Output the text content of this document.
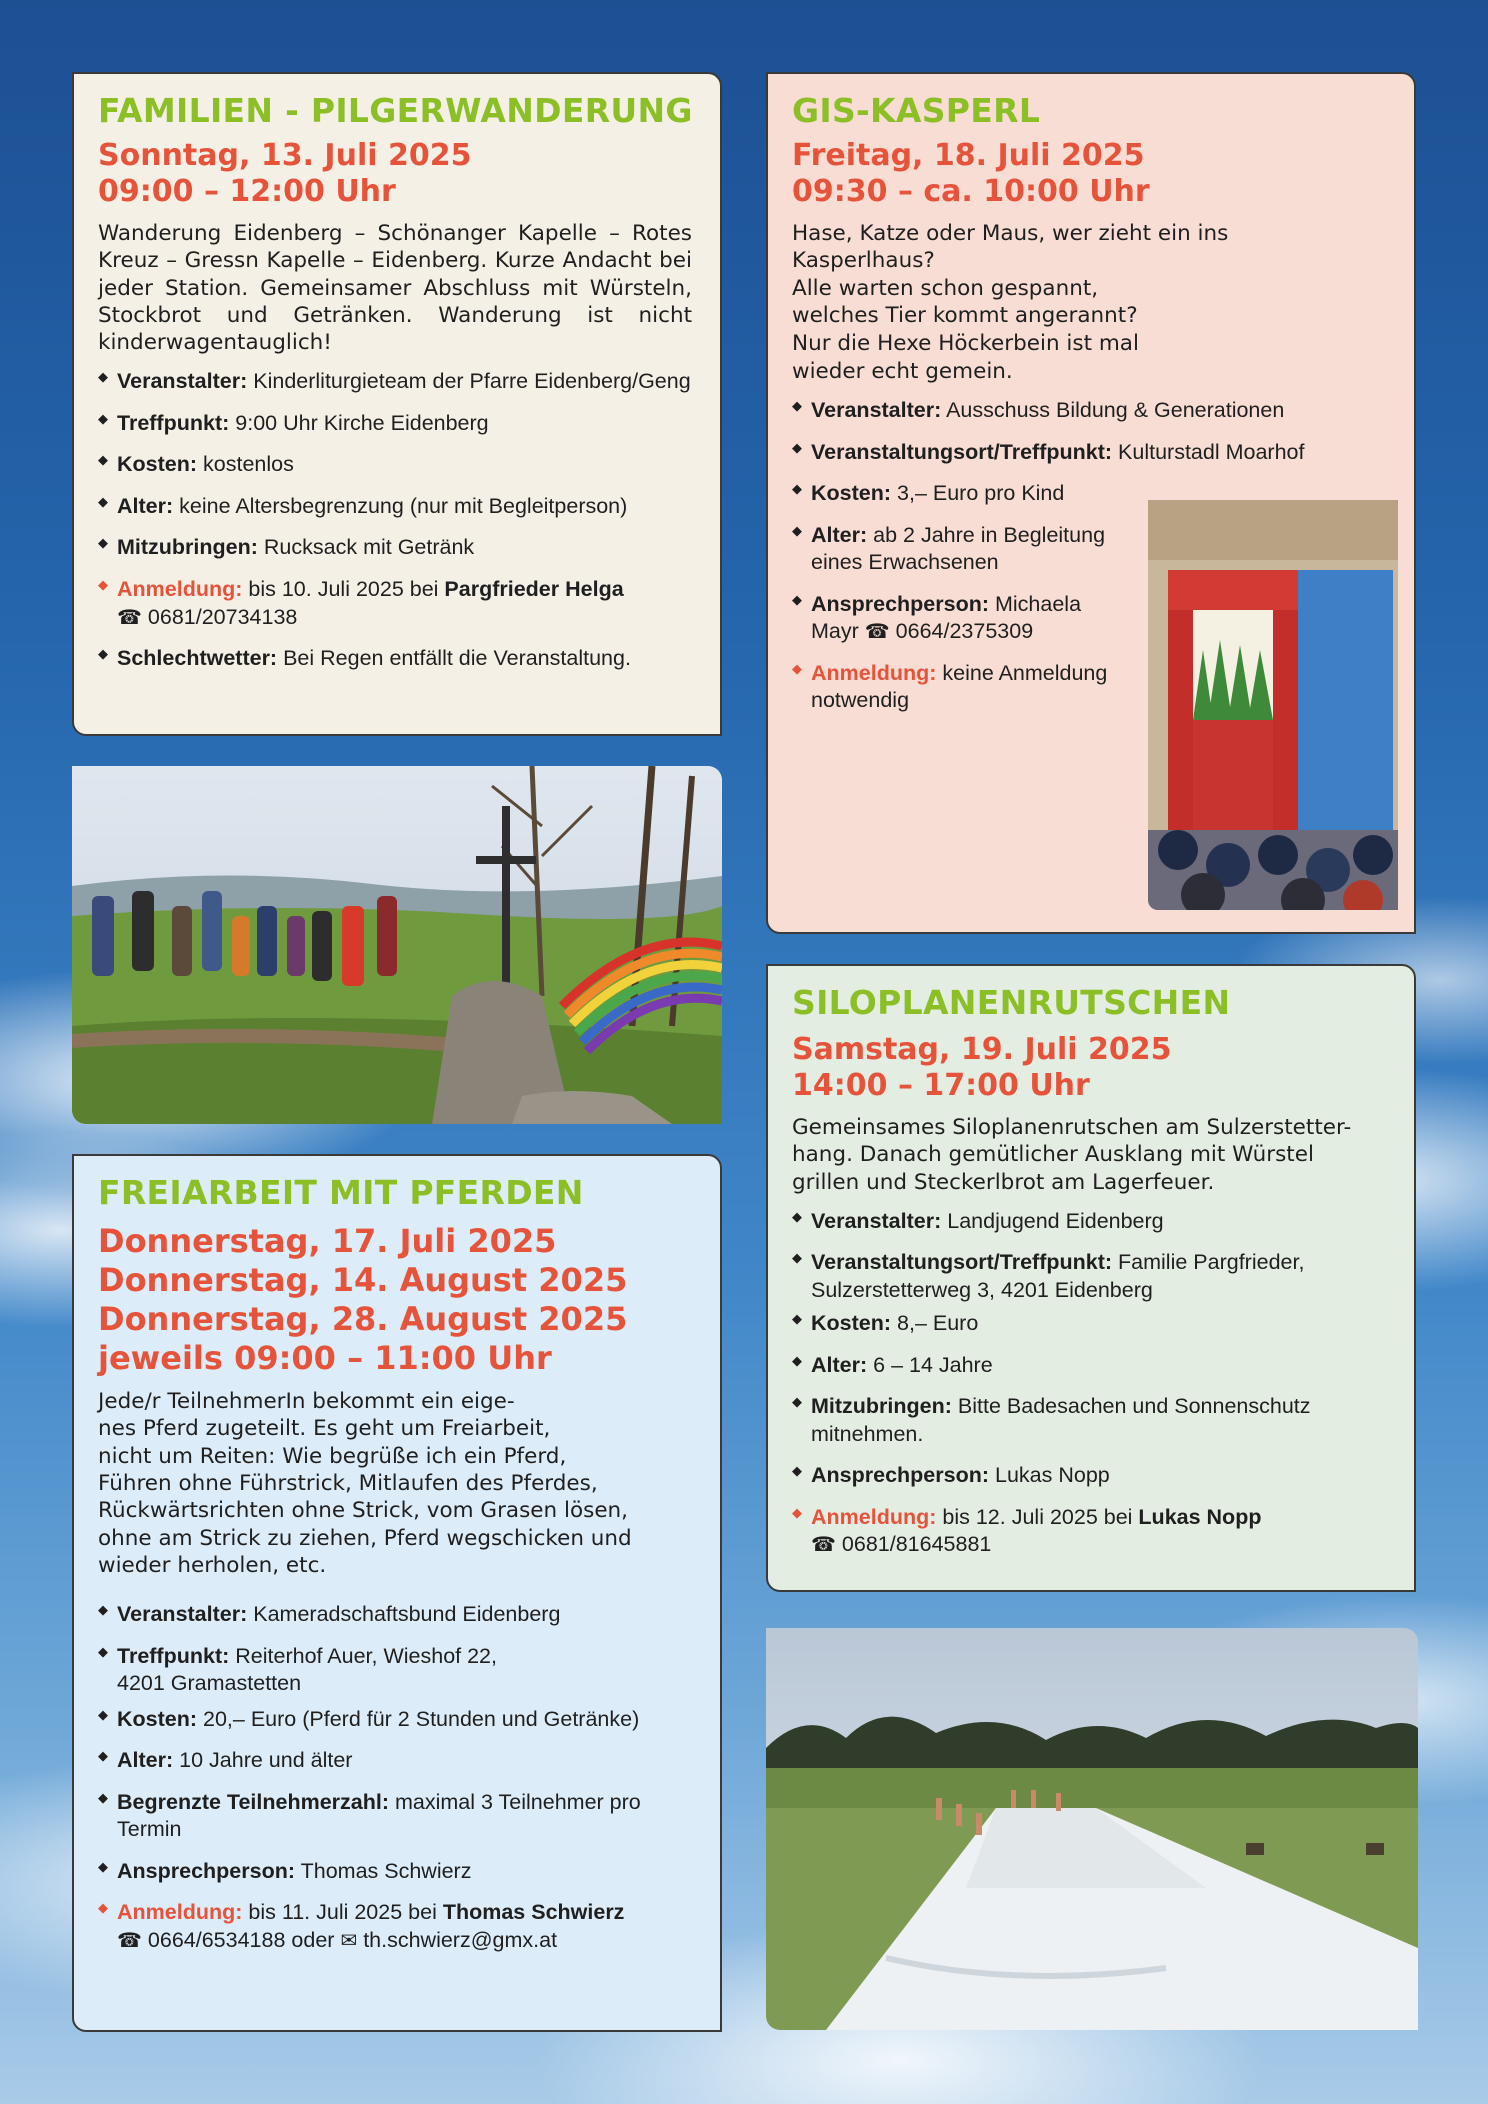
FAMILIEN - PILGERWANDERUNG
Sonntag, 13. Juli 2025
09:00 – 12:00 Uhr

Wanderung Eidenberg – Schönanger Kapelle – Rotes Kreuz – Gressn Kapelle – Eidenberg. Kurze Andacht bei jeder Station. Gemeinsamer Abschluss mit Würsteln, Stockbrot und Getränken. Wanderung ist nicht kinderwagentauglich!

◆ Veranstalter: Kinderliturgieteam der Pfarre Eidenberg/Geng
◆ Treffpunkt: 9:00 Uhr Kirche Eidenberg
◆ Kosten: kostenlos
◆ Alter: keine Altersbegrenzung (nur mit Begleitperson)
◆ Mitzubringen: Rucksack mit Getränk
◆ Anmeldung: bis 10. Juli 2025 bei Pargfrieder Helga
☎ 0681/20734138
◆ Schlechtwetter: Bei Regen entfällt die Veranstaltung.
FREIARBEIT MIT PFERDEN
Donnerstag, 17. Juli 2025
Donnerstag, 14. August 2025
Donnerstag, 28. August 2025
jeweils 09:00 – 11:00 Uhr
Jede/r TeilnehmerIn bekommt ein eige-
nes Pferd zugeteilt. Es geht um Freiarbeit,
nicht um Reiten: Wie begrüße ich ein Pferd,
Führen ohne Führstrick, Mitlaufen des Pferdes,
Rückwärtsrichten ohne Strick, vom Grasen lösen,
ohne am Strick zu ziehen, Pferd wegschicken und
wieder herholen, etc.
◆ Veranstalter: Kameradschaftsbund Eidenberg
◆ Treffpunkt: Reiterhof Auer, Wieshof 22,
4201 Gramastetten
◆ Kosten: 20,– Euro (Pferd für 2 Stunden und Getränke)
◆ Alter: 10 Jahre und älter
◆ Begrenzte Teilnehmerzahl: maximal 3 Teilnehmer pro Termin
◆ Ansprechperson: Thomas Schwierz
◆ Anmeldung: bis 11. Juli 2025 bei Thomas Schwierz
☎ 0664/6534188 oder ✉ th.schwierz@gmx.at
GIS-KASPERL
Freitag, 18. Juli 2025
09:30 – ca. 10:00 Uhr
Hase, Katze oder Maus, wer zieht ein ins
Kasperlhaus?
Alle warten schon gespannt,
welches Tier kommt angerannt?
Nur die Hexe Höckerbein ist mal
wieder echt gemein.
◆ Veranstalter: Ausschuss Bildung & Generationen
◆ Veranstaltungsort/Treffpunkt: Kulturstadl Moarhof
◆ Kosten: 3,– Euro pro Kind
◆ Alter: ab 2 Jahre in Begleitung eines Erwachsenen
◆ Ansprechperson: Michaela Mayr ☎ 0664/2375309
◆ Anmeldung: keine Anmeldung notwendig
SILOPLANENRUTSCHEN
Samstag, 19. Juli 2025
14:00 – 17:00 Uhr
Gemeinsames Siloplanenrutschen am Sulzerstetter-
hang. Danach gemütlicher Ausklang mit Würstel
grillen und Steckerlbrot am Lagerfeuer.
◆ Veranstalter: Landjugend Eidenberg
◆ Veranstaltungsort/Treffpunkt: Familie Pargfrieder,
Sulzerstetterweg 3, 4201 Eidenberg
◆ Kosten: 8,– Euro
◆ Alter: 6 – 14 Jahre
◆ Mitzubringen: Bitte Badesachen und Sonnenschutz mitnehmen.
◆ Ansprechperson: Lukas Nopp
◆ Anmeldung: bis 12. Juli 2025 bei Lukas Nopp
☎ 0681/81645881
